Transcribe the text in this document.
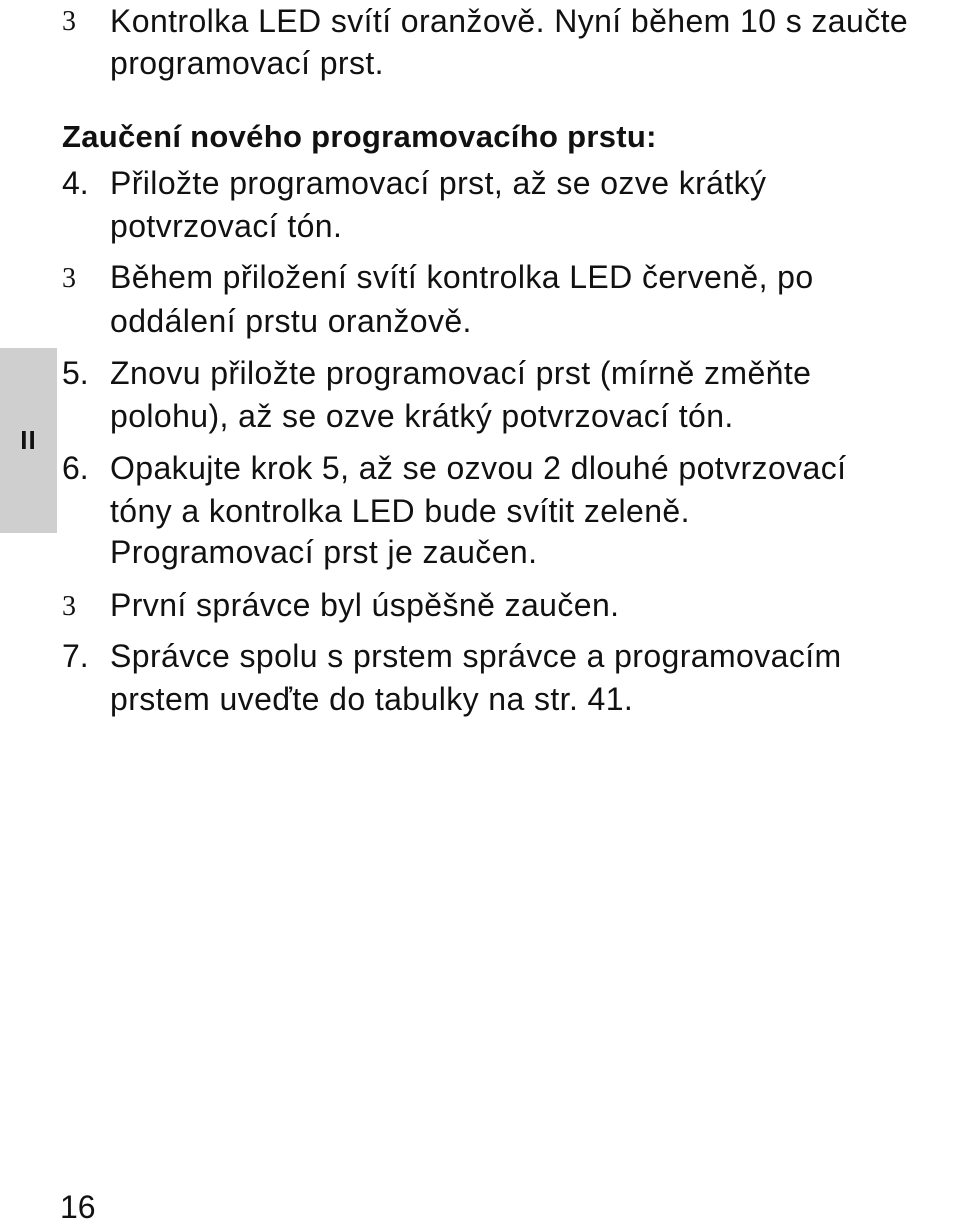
II
3 Kontrolka LED svítí oranžově. Nyní během 10 s zaučte
programovací prst.
Zaučení nového programovacího prstu:
4. Přiložte programovací prst, až se ozve krátký
potvrzovací tón.
3 Během přiložení svítí kontrolka LED červeně, po
oddálení prstu oranžově.
5. Znovu přiložte programovací prst (mírně změňte
polohu), až se ozve krátký potvrzovací tón.
6. Opakujte krok 5, až se ozvou 2 dlouhé potvrzovací
tóny a kontrolka LED bude svítit zeleně.
Programovací prst je zaučen.
3 První správce byl úspěšně zaučen.
7. Správce spolu s prstem správce a programovacím
prstem uveďte do tabulky na str. 41.
16
